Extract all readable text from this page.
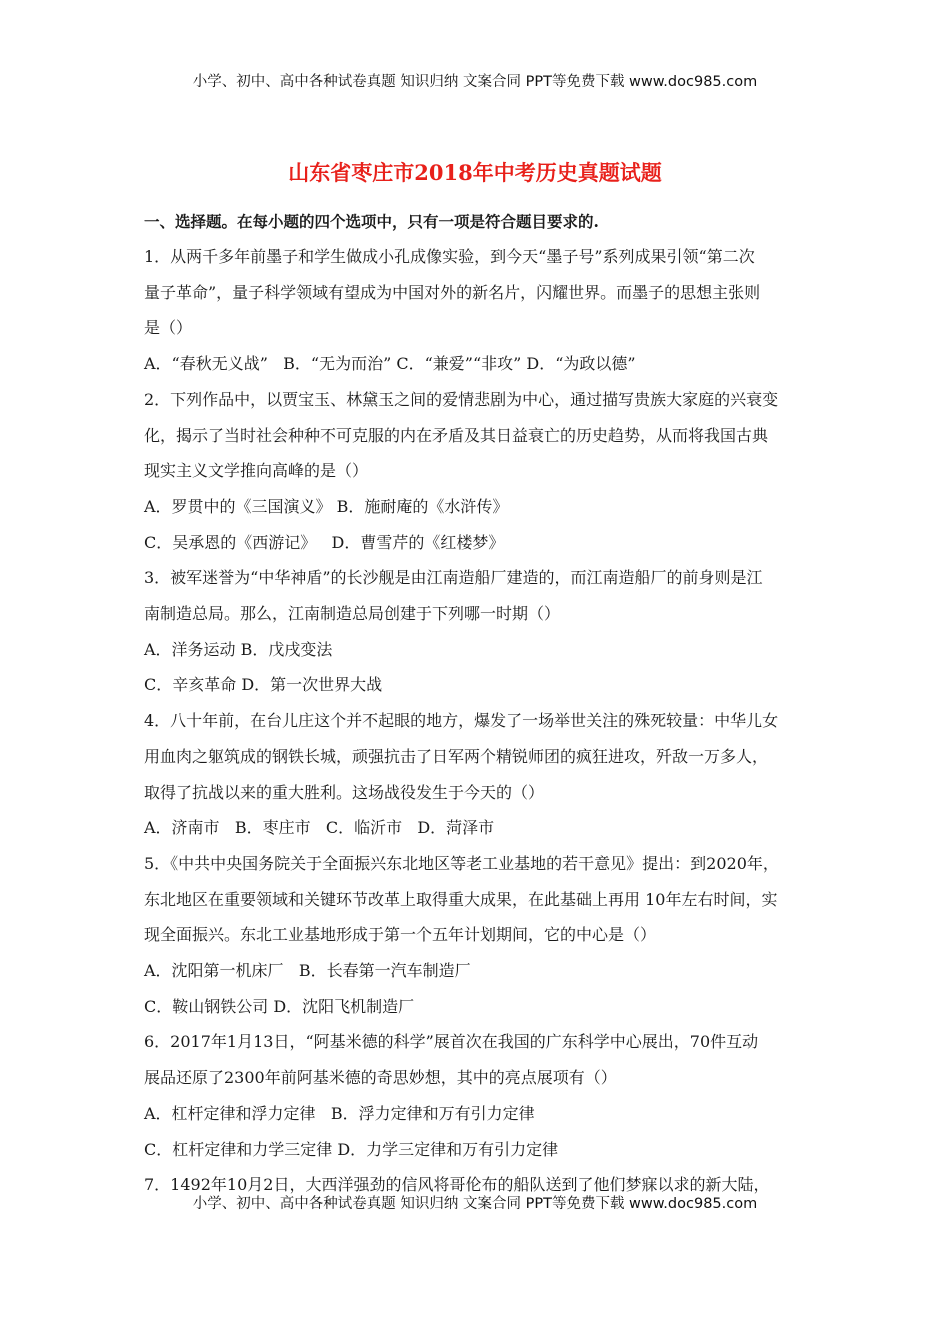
小学、初中、高中各种试卷真题 知识归纳 文案合同 PPT等免费下载 www.doc985.com
山东省枣庄市2018年中考历史真题试题
一、选择题。在每小题的四个选项中，只有一项是符合题目要求的.
1．从两千多年前墨子和学生做成小孔成像实验，到今天“墨子号”系列成果引领“第二次
量子革命”，量子科学领域有望成为中国对外的新名片，闪耀世界。而墨子的思想主张则
是（）
A．“春秋无义战”   B．“无为而治” C．“兼爱”“非攻” D．“为政以德”
2．下列作品中，以贾宝玉、林黛玉之间的爱情悲剧为中心，通过描写贵族大家庭的兴衰变
化，揭示了当时社会种种不可克服的内在矛盾及其日益衰亡的历史趋势，从而将我国古典
现实主义文学推向高峰的是（）
A．罗贯中的《三国演义》 B．施耐庵的《水浒传》
C．吴承恩的《西游记》   D．曹雪芹的《红楼梦》
3．被军迷誉为“中华神盾”的长沙舰是由江南造船厂建造的，而江南造船厂的前身则是江
南制造总局。那么，江南制造总局创建于下列哪一时期（）
A．洋务运动 B．戊戌变法
C．辛亥革命 D．第一次世界大战
4．八十年前，在台儿庄这个并不起眼的地方，爆发了一场举世关注的殊死较量：中华儿女
用血肉之躯筑成的钢铁长城，顽强抗击了日军两个精锐师团的疯狂进攻，歼敌一万多人，
取得了抗战以来的重大胜利。这场战役发生于今天的（）
A．济南市   B．枣庄市   C．临沂市   D．菏泽市
5．《中共中央国务院关于全面振兴东北地区等老工业基地的若干意见》提出：到2020年，
东北地区在重要领域和关键环节改革上取得重大成果，在此基础上再用 10年左右时间，实
现全面振兴。东北工业基地形成于第一个五年计划期间，它的中心是（）
A．沈阳第一机床厂   B．长春第一汽车制造厂
C．鞍山钢铁公司 D．沈阳飞机制造厂
6．2017年1月13日，“阿基米德的科学”展首次在我国的广东科学中心展出，70件互动
展品还原了2300年前阿基米德的奇思妙想，其中的亮点展项有（）
A．杠杆定律和浮力定律   B．浮力定律和万有引力定律
C．杠杆定律和力学三定律 D．力学三定律和万有引力定律
7．1492年10月2日，大西洋强劲的信风将哥伦布的船队送到了他们梦寐以求的新大陆，
小学、初中、高中各种试卷真题 知识归纳 文案合同 PPT等免费下载 www.doc985.com
